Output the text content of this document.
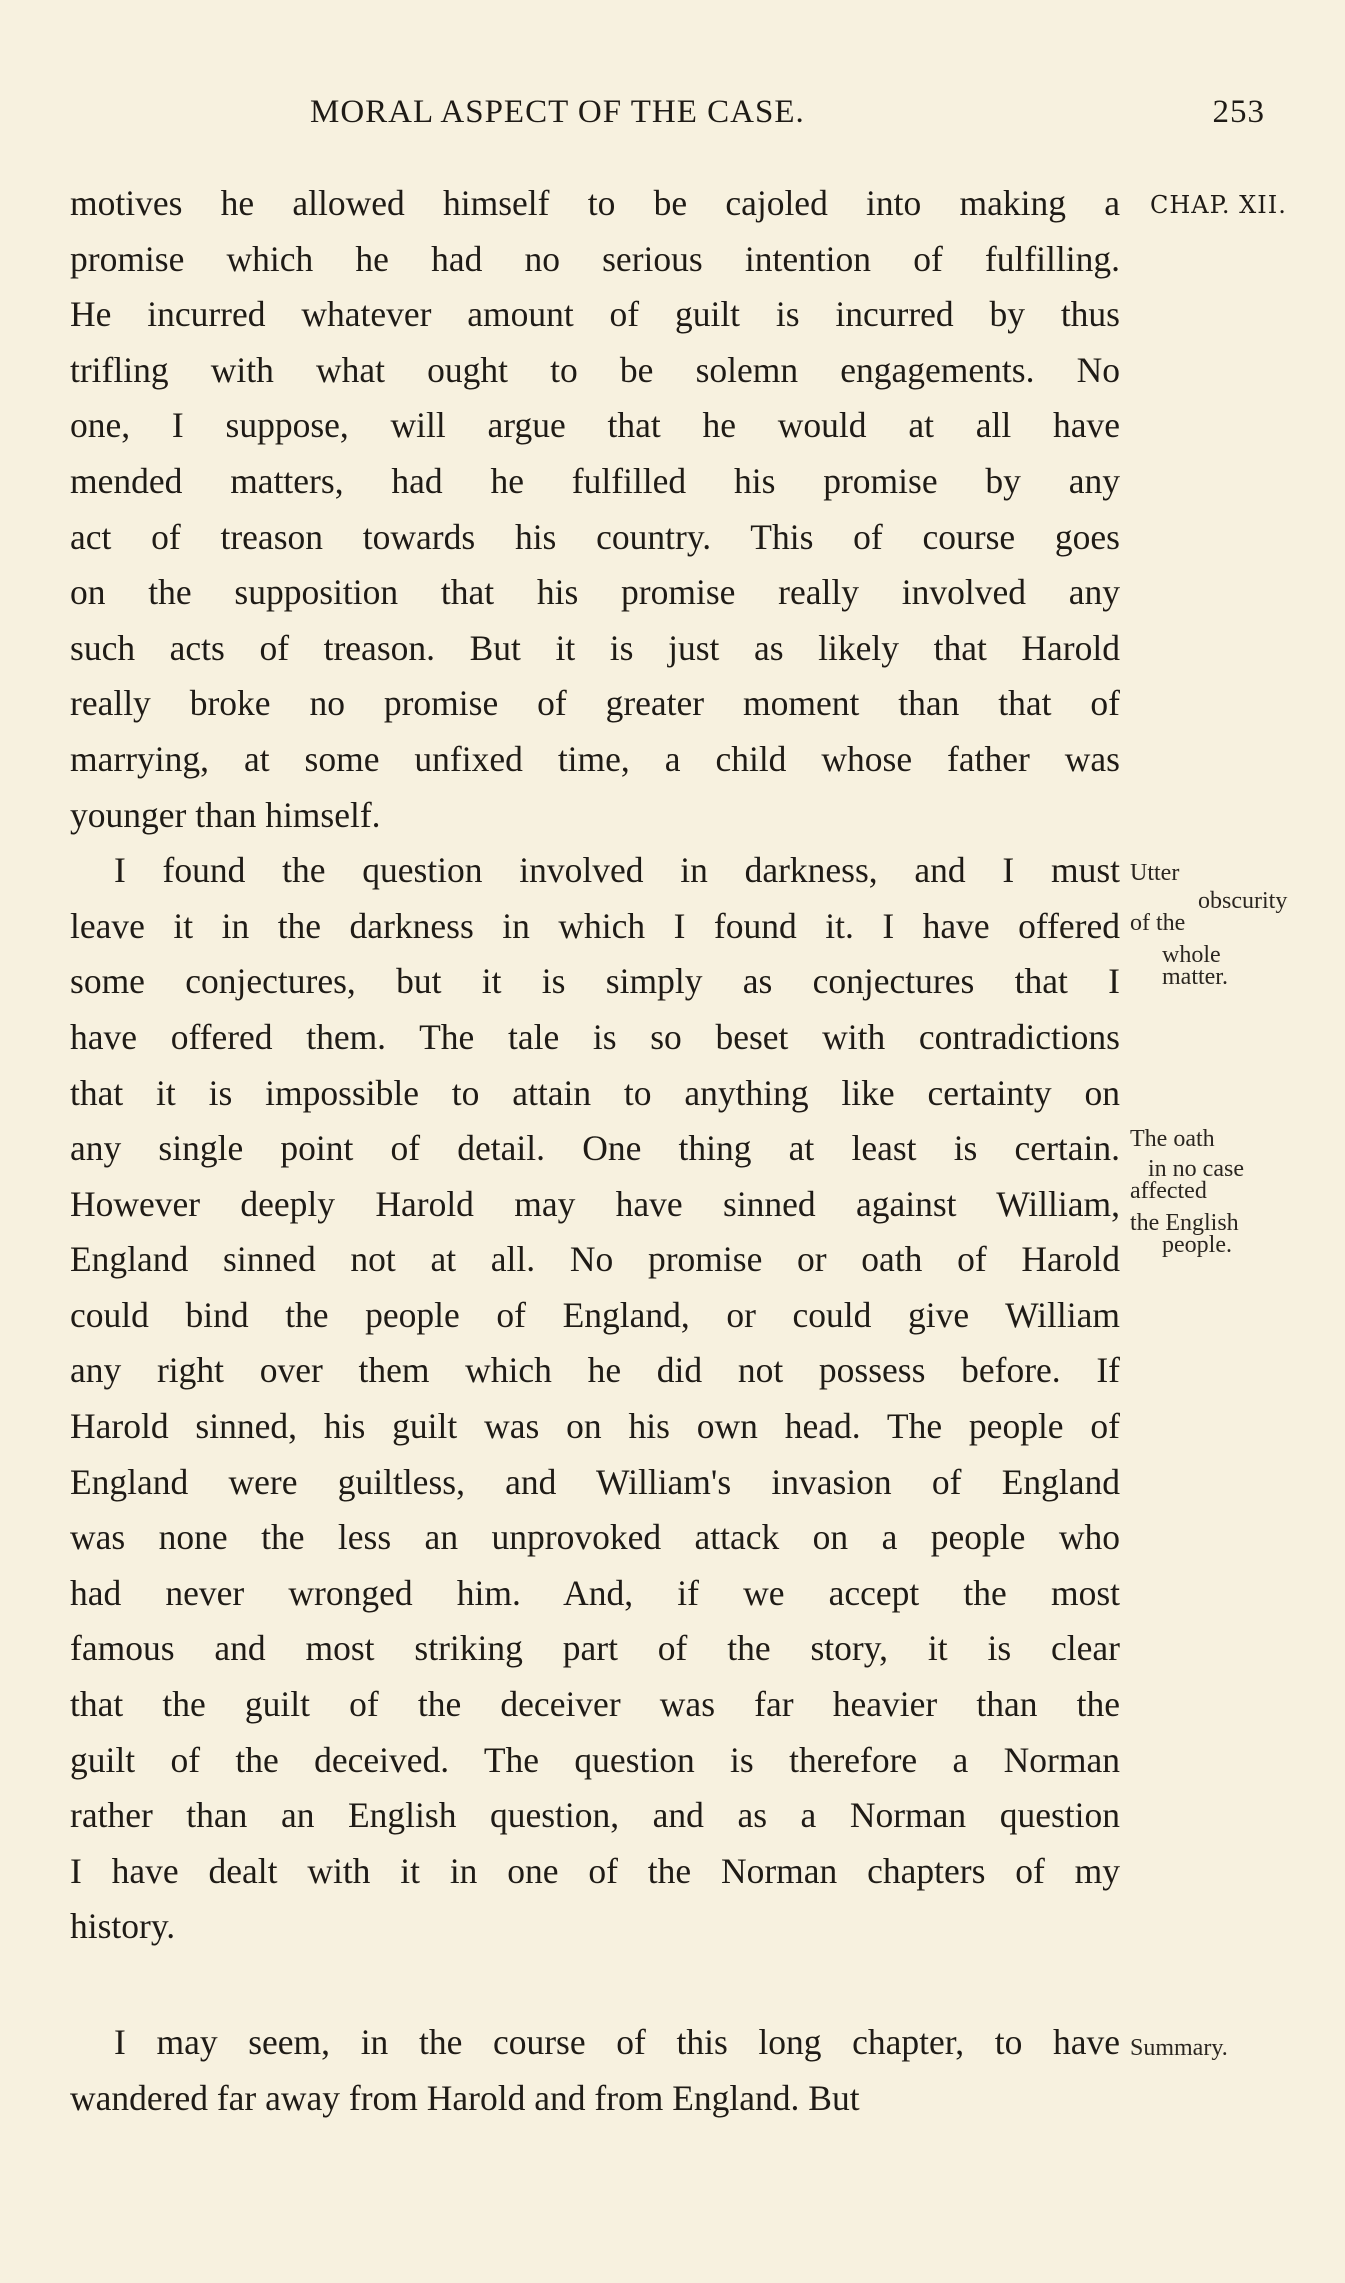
MORAL ASPECT OF THE CASE.	253
CHAP. XII.
motives he allowed himself to be cajoled into making a
promise which he had no serious intention of fulfilling.
He incurred whatever amount of guilt is incurred by thus
trifling with what ought to be solemn engagements. No
one, I suppose, will argue that he would at all have
mended matters, had he fulfilled his promise by any
act of treason towards his country. This of course goes
on the supposition that his promise really involved any
such acts of treason. But it is just as likely that Harold
really broke no promise of greater moment than that of
marrying, at some unfixed time, a child whose father was
younger than himself.
I found the question involved in darkness, and I must
leave it in the darkness in which I found it. I have offered
some conjectures, but it is simply as conjectures that I
have offered them. The tale is so beset with contradictions
that it is impossible to attain to anything like certainty on
any single point of detail. One thing at least is certain.
However deeply Harold may have sinned against William,
England sinned not at all. No promise or oath of Harold
could bind the people of England, or could give William
any right over them which he did not possess before. If
Harold sinned, his guilt was on his own head. The people of
England were guiltless, and William's invasion of England
was none the less an unprovoked attack on a people who
had never wronged him. And, if we accept the most
famous and most striking part of the story, it is clear
that the guilt of the deceiver was far heavier than the
guilt of the deceived. The question is therefore a Norman
rather than an English question, and as a Norman question
I have dealt with it in one of the Norman chapters of my
history.
I may seem, in the course of this long chapter, to have
wandered far away from Harold and from England. But
Utter
obscurity
of the
whole
matter.
The oath
in no case
affected
the English
people.
Summary.
